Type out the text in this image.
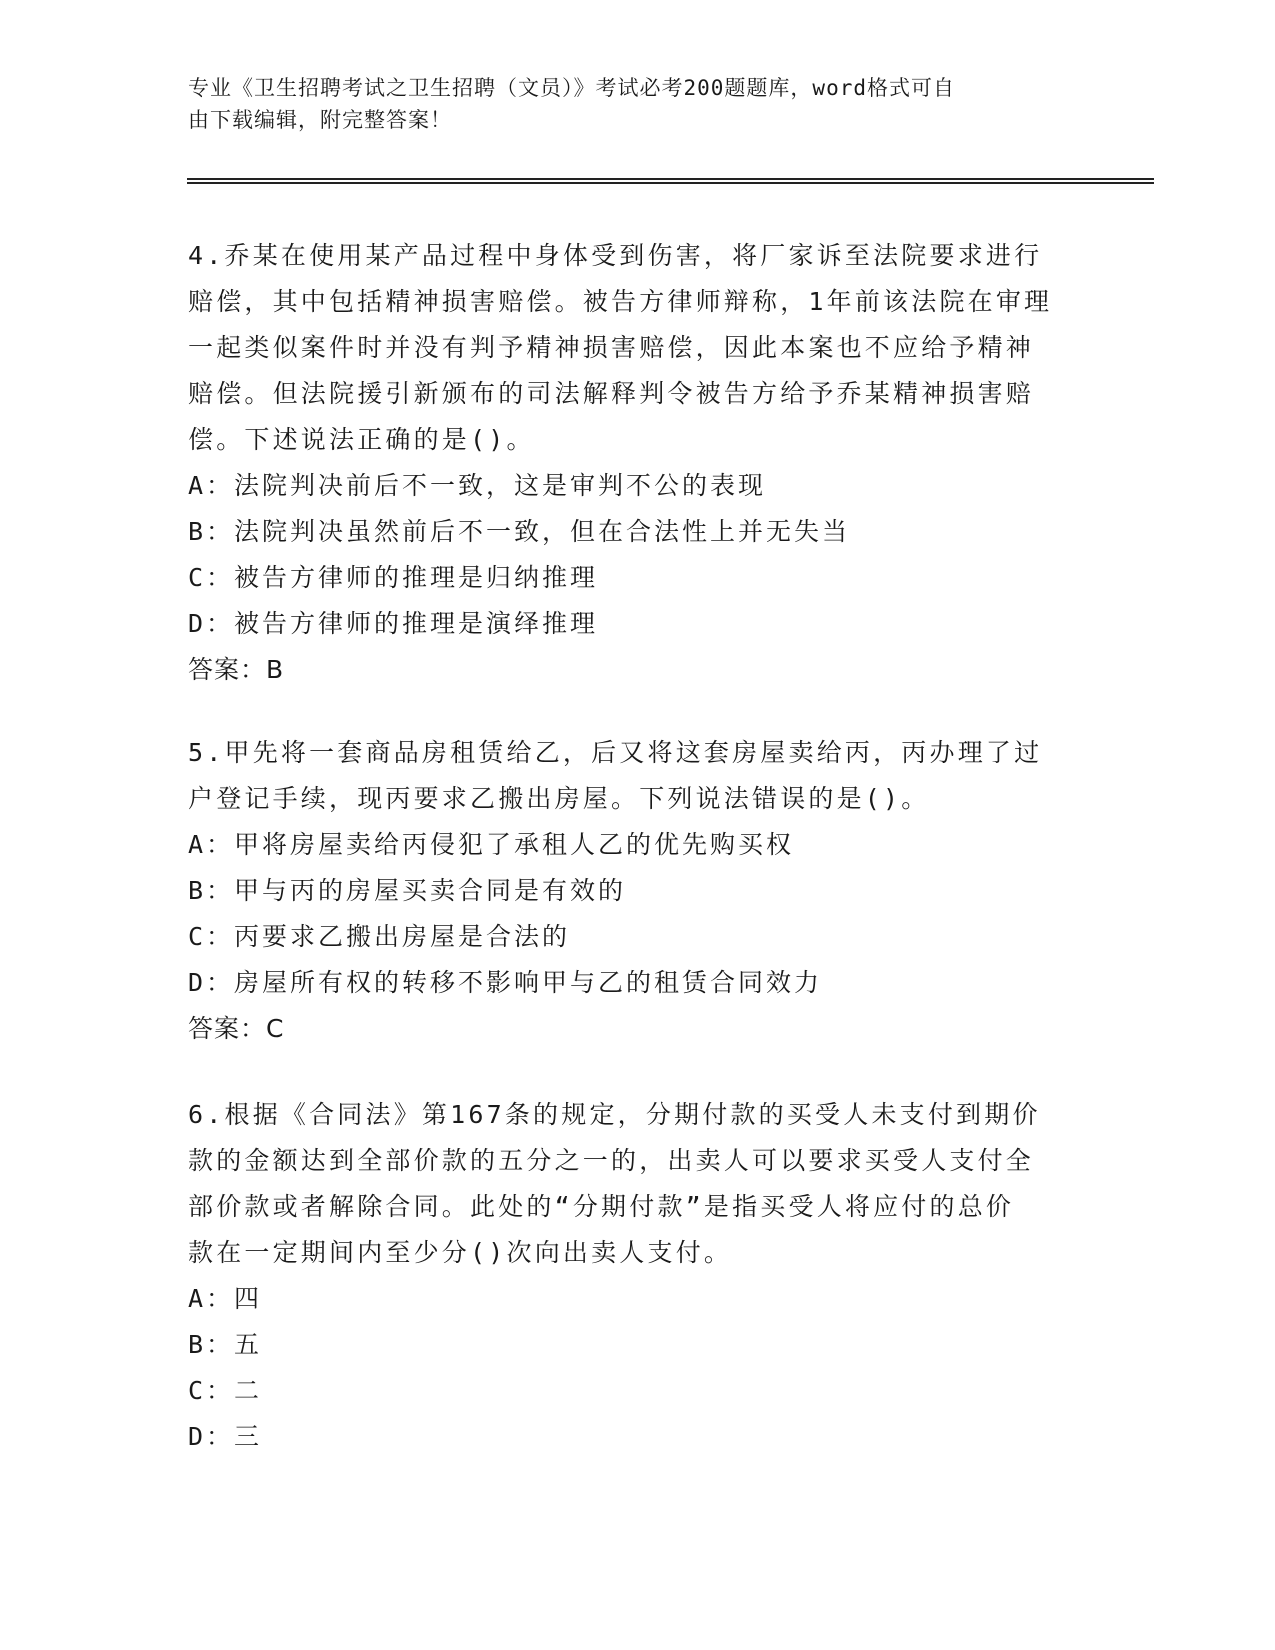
专业《卫生招聘考试之卫生招聘（文员）》考试必考200题题库，word格式可自
由下载编辑，附完整答案！

4.乔某在使用某产品过程中身体受到伤害，将厂家诉至法院要求进行

赔偿，其中包括精神损害赔偿。被告方律师辩称，1年前该法院在审理

一起类似案件时并没有判予精神损害赔偿，因此本案也不应给予精神

赔偿。但法院援引新颁布的司法解释判令被告方给予乔某精神损害赔

偿。下述说法正确的是()。

A：法院判决前后不一致，这是审判不公的表现

B：法院判决虽然前后不一致，但在合法性上并无失当

C：被告方律师的推理是归纳推理

D：被告方律师的推理是演绎推理

答案：B

5.甲先将一套商品房租赁给乙，后又将这套房屋卖给丙，丙办理了过

户登记手续，现丙要求乙搬出房屋。下列说法错误的是()。

A：甲将房屋卖给丙侵犯了承租人乙的优先购买权

B：甲与丙的房屋买卖合同是有效的

C：丙要求乙搬出房屋是合法的

D：房屋所有权的转移不影响甲与乙的租赁合同效力

答案：C

6.根据《合同法》第167条的规定，分期付款的买受人未支付到期价

款的金额达到全部价款的五分之一的，出卖人可以要求买受人支付全

部价款或者解除合同。此处的“分期付款”是指买受人将应付的总价

款在一定期间内至少分()次向出卖人支付。

A：四

B：五

C：二

D：三
